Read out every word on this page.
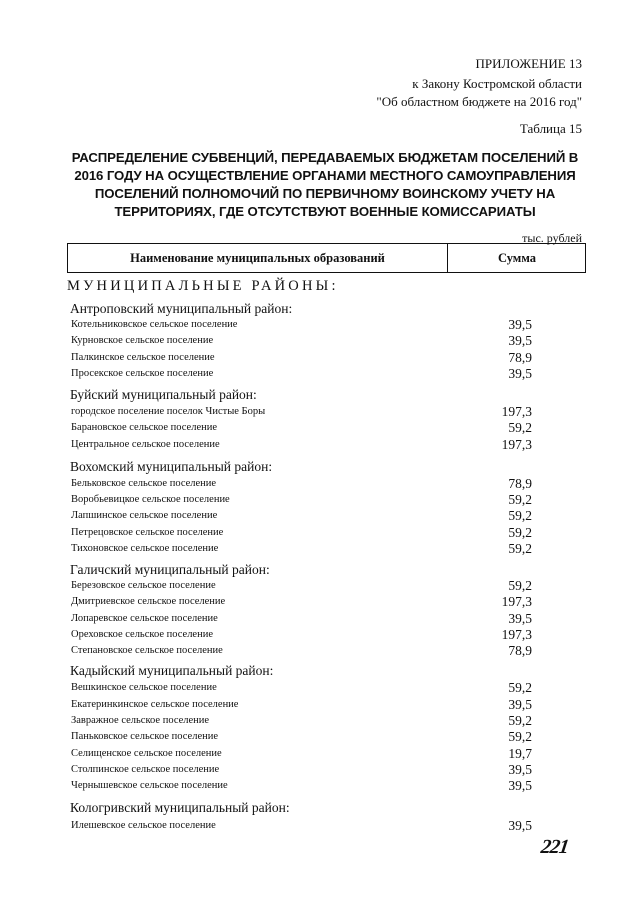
ПРИЛОЖЕНИЕ 13
к Закону Костромской области
"Об областном бюджете на 2016 год"
Таблица 15
РАСПРЕДЕЛЕНИЕ СУБВЕНЦИЙ, ПЕРЕДАВАЕМЫХ БЮДЖЕТАМ ПОСЕЛЕНИЙ В
2016 ГОДУ НА ОСУЩЕСТВЛЕНИЕ ОРГАНАМИ МЕСТНОГО САМОУПРАВЛЕНИЯ
ПОСЕЛЕНИЙ ПОЛНОМОЧИЙ ПО ПЕРВИЧНОМУ ВОИНСКОМУ УЧЕТУ НА
ТЕРРИТОРИЯХ, ГДЕ ОТСУТСТВУЮТ ВОЕННЫЕ КОМИССАРИАТЫ
тыс. рублей
Наименование муниципальных образований	Сумма
МУНИЦИПАЛЬНЫЕ РАЙОНЫ:
Антроповский муниципальный район:
Котельниковское сельское поселение	39,5
Курновское сельское поселение	39,5
Палкинское сельское поселение	78,9
Просекское сельское поселение	39,5
Буйский муниципальный район:
городское поселение поселок Чистые Боры	197,3
Барановское сельское поселение	59,2
Центральное сельское поселение	197,3
Вохомский муниципальный район:
Бельковское сельское поселение	78,9
Воробьевицкое сельское поселение	59,2
Лапшинское сельское поселение	59,2
Петрецовское сельское поселение	59,2
Тихоновское сельское поселение	59,2
Галичский муниципальный район:
Березовское сельское поселение	59,2
Дмитриевское сельское поселение	197,3
Лопаревское сельское поселение	39,5
Ореховское сельское поселение	197,3
Степановское сельское поселение	78,9
Кадыйский муниципальный район:
Вешкинское сельское поселение	59,2
Екатеринкинское сельское поселение	39,5
Завражное сельское поселение	59,2
Паньковское сельское поселение	59,2
Селищенское сельское поселение	19,7
Столпинское сельское поселение	39,5
Чернышевское сельское поселение	39,5
Кологривский муниципальный район:
Илешевское сельское поселение	39,5
221
